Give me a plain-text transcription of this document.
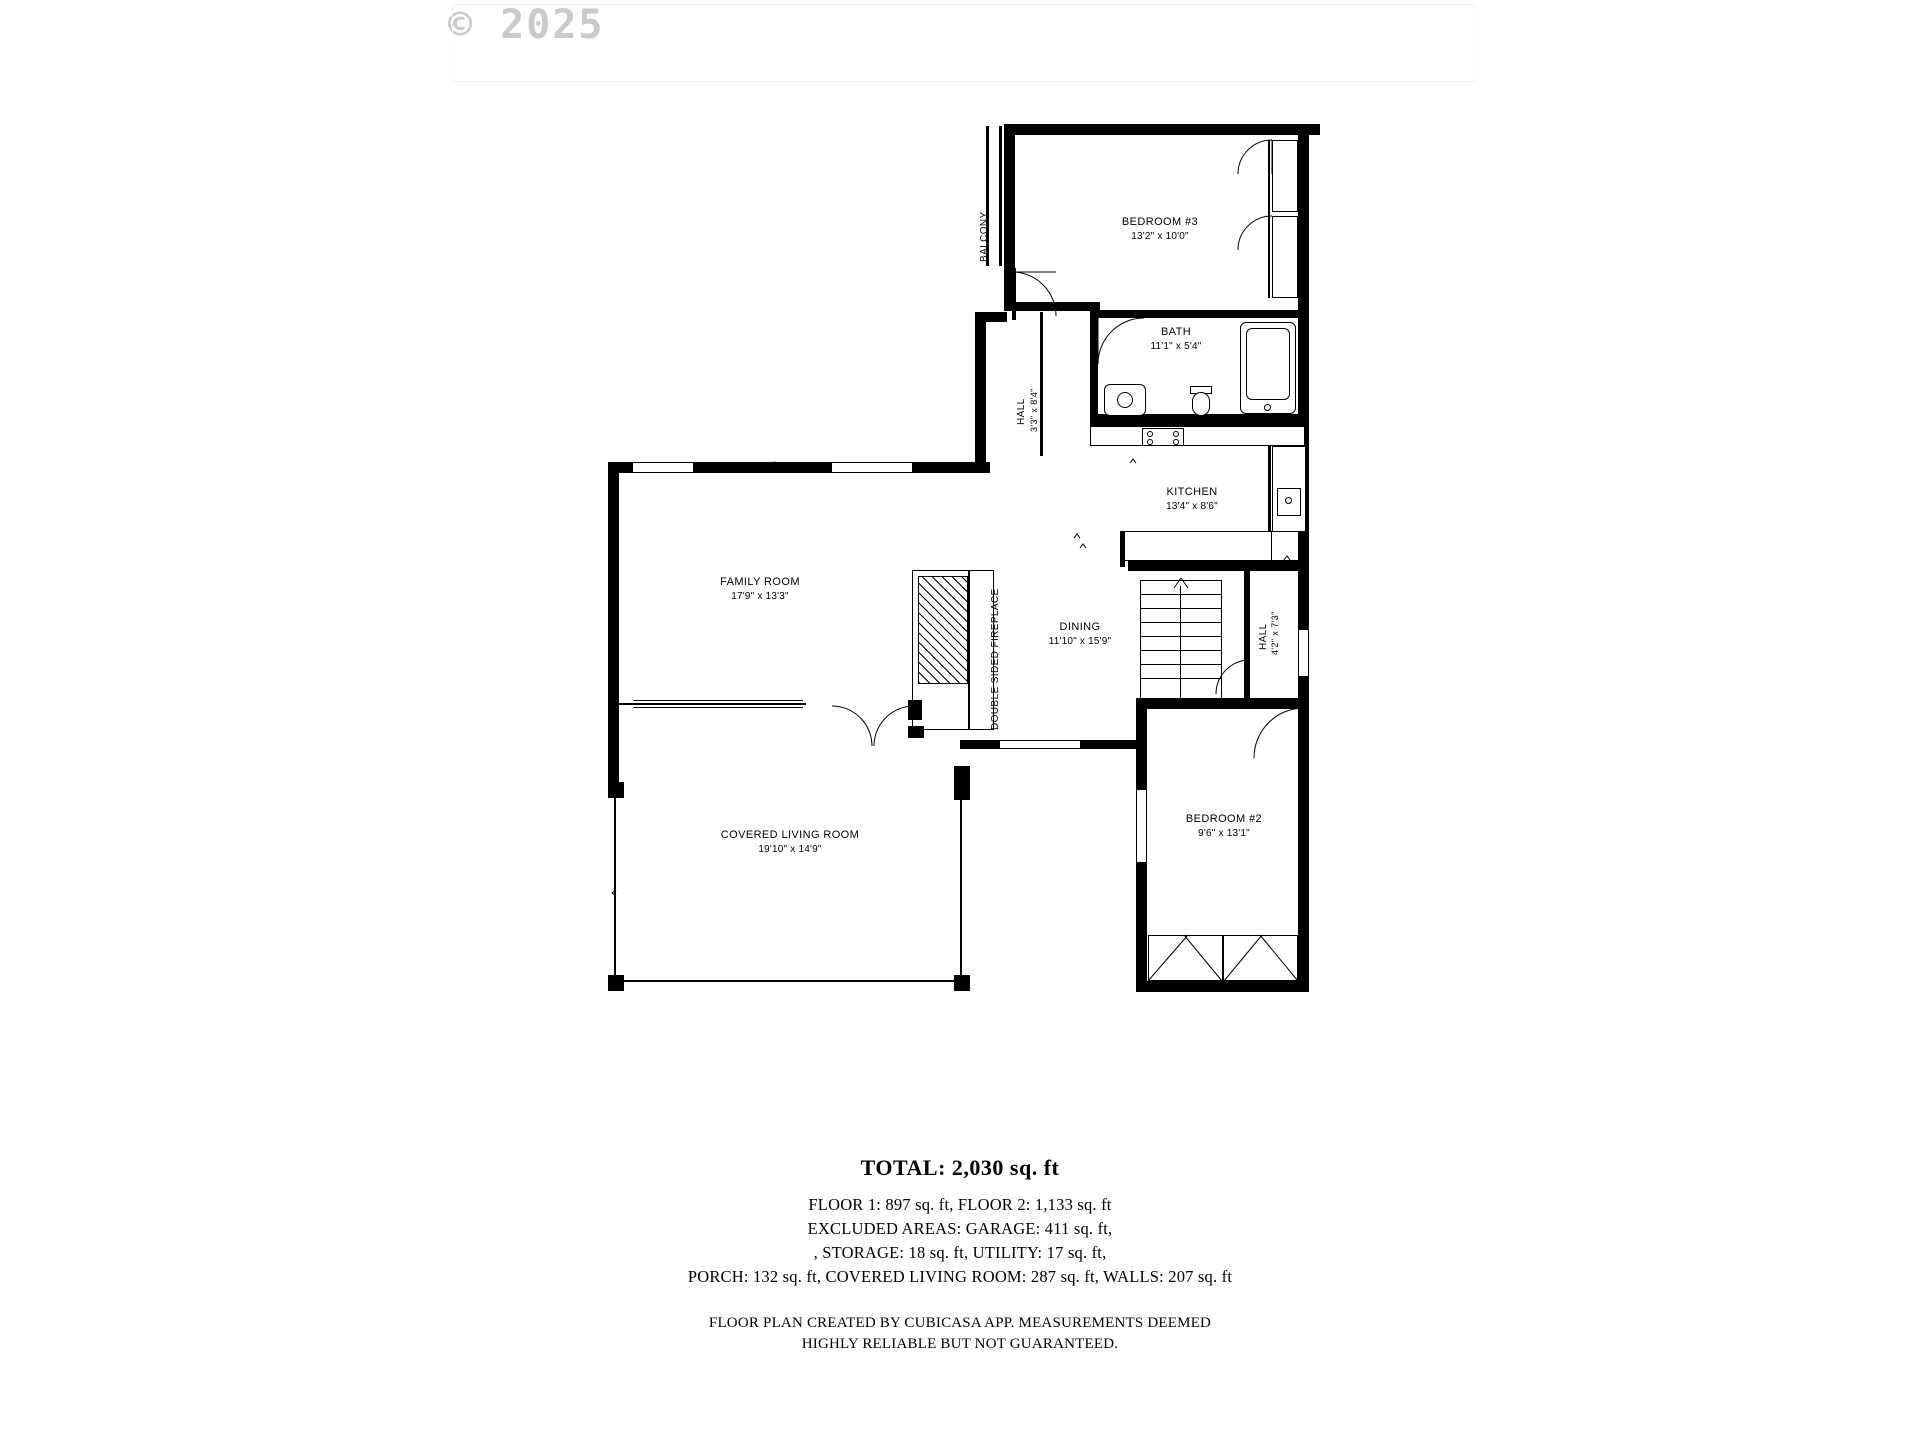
© 2025
BEDROOM #3
13'2" x 10'0"
BALCONY
BATH
11'1" x 5'4"
HALL 3'3" x 8'4"
KITCHEN
13'4" x 8'6"
FAMILY ROOM
17'9" x 13'3"	DOUBLE SIDED FIREPLACE	DINING
11'10" x 15'9"	HALL 4'2" x 7'3"
BEDROOM #2
9'6" x 13'1"
COVERED LIVING ROOM
19'10" x 14'9"
TOTAL: 2,030 sq. ft
FLOOR 1: 897 sq. ft, FLOOR 2: 1,133 sq. ft
EXCLUDED AREAS: GARAGE: 411 sq. ft,
, STORAGE: 18 sq. ft, UTILITY: 17 sq. ft,
PORCH: 132 sq. ft, COVERED LIVING ROOM: 287 sq. ft, WALLS: 207 sq. ft
FLOOR PLAN CREATED BY CUBICASA APP. MEASUREMENTS DEEMED
HIGHLY RELIABLE BUT NOT GUARANTEED.
